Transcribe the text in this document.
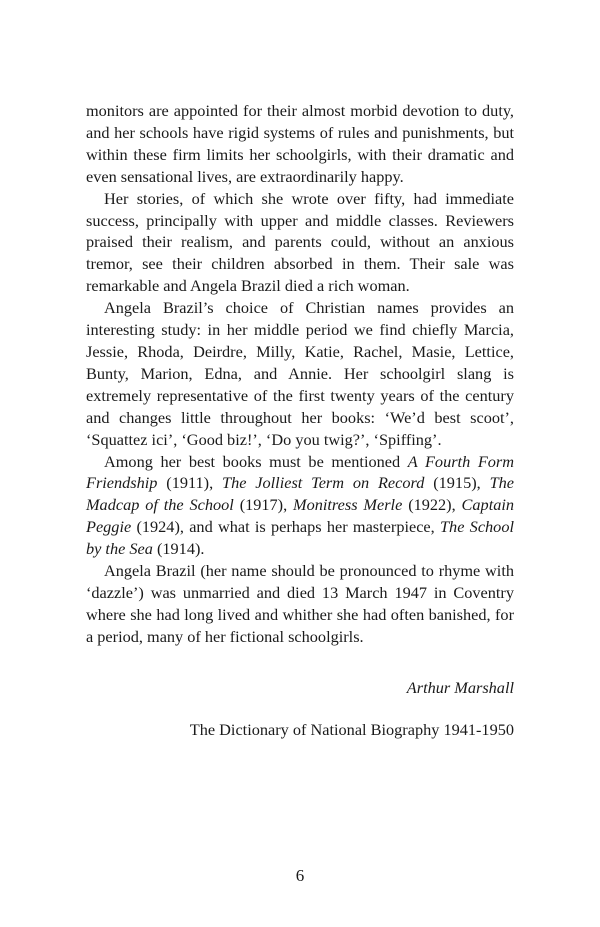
monitors are appointed for their almost morbid devotion to duty, and her schools have rigid systems of rules and punishments, but within these firm limits her schoolgirls, with their dramatic and even sensational lives, are extraordinarily happy.

Her stories, of which she wrote over fifty, had immediate success, principally with upper and middle classes. Reviewers praised their realism, and parents could, without an anxious tremor, see their children absorbed in them. Their sale was remarkable and Angela Brazil died a rich woman.

Angela Brazil’s choice of Christian names provides an interesting study: in her middle period we find chiefly Marcia, Jessie, Rhoda, Deirdre, Milly, Katie, Rachel, Masie, Lettice, Bunty, Marion, Edna, and Annie. Her schoolgirl slang is extremely representative of the first twenty years of the century and changes little throughout her books: ‘We’d best scoot’, ‘Squattez ici’, ‘Good biz!’, ‘Do you twig?’, ‘Spiffing’.

Among her best books must be mentioned A Fourth Form Friendship (1911), The Jolliest Term on Record (1915), The Madcap of the School (1917), Monitress Merle (1922), Captain Peggie (1924), and what is perhaps her masterpiece, The School by the Sea (1914).

Angela Brazil (her name should be pronounced to rhyme with ‘dazzle’) was unmarried and died 13 March 1947 in Coventry where she had long lived and whither she had often banished, for a period, many of her fictional schoolgirls.

Arthur Marshall
The Dictionary of National Biography 1941-1950
6
